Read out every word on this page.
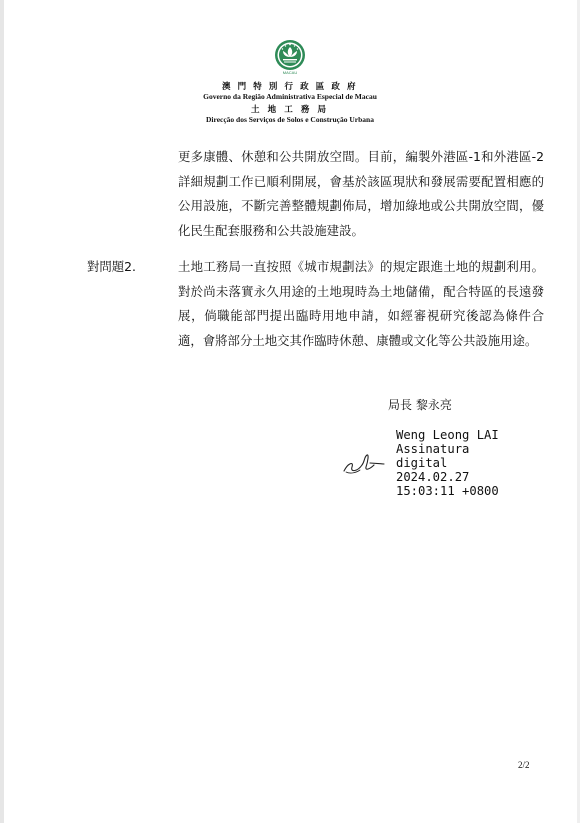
MACAU
澳 門 特 別 行 政 區 政 府
Governo da Região Administrativa Especial de Macau
土 地 工 務 局
Direcção dos Serviços de Solos e Construção Urbana
更多康體、休憩和公共開放空間。目前，編製外港區-1和外港區-2詳細規劃工作已順利開展，會基於該區現狀和發展需要配置相應的公用設施，不斷完善整體規劃佈局，增加綠地或公共開放空間，優化民生配套服務和公共設施建設。
對問題2.	土地工務局一直按照《城市規劃法》的規定跟進土地的規劃利用。對於尚未落實永久用途的土地現時為土地儲備，配合特區的長遠發展，倘職能部門提出臨時用地申請，如經審視研究後認為條件合適，會將部分土地交其作臨時休憩、康體或文化等公共設施用途。
局長 黎永亮
Weng Leong LAI
Assinatura
digital
2024.02.27
15:03:11 +0800
2/2
